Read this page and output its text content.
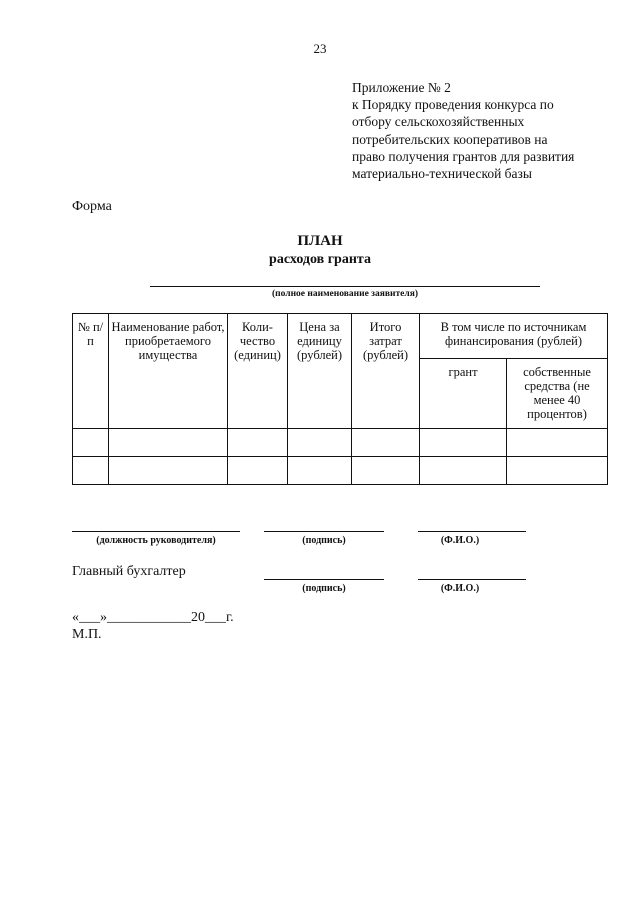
23
Приложение № 2
к Порядку проведения конкурса по
отбору сельскохозяйственных
потребительских кооперативов на
право получения грантов для развития
материально-технической базы
Форма
ПЛАН
расходов гранта
(полное наименование заявителя)
№ п/п	Наименование работ, приобретаемого имущества	Коли-чество (единиц)	Цена за единицу (рублей)	Итого затрат (рублей)	В том числе по источникам финансирования (рублей)	
					грант	собственные средства (не менее 40 процентов)

(должность руководителя)	(подпись)	(Ф.И.О.)
Главный бухгалтер
(подпись)	(Ф.И.О.)
«___»____________20___г.
М.П.
